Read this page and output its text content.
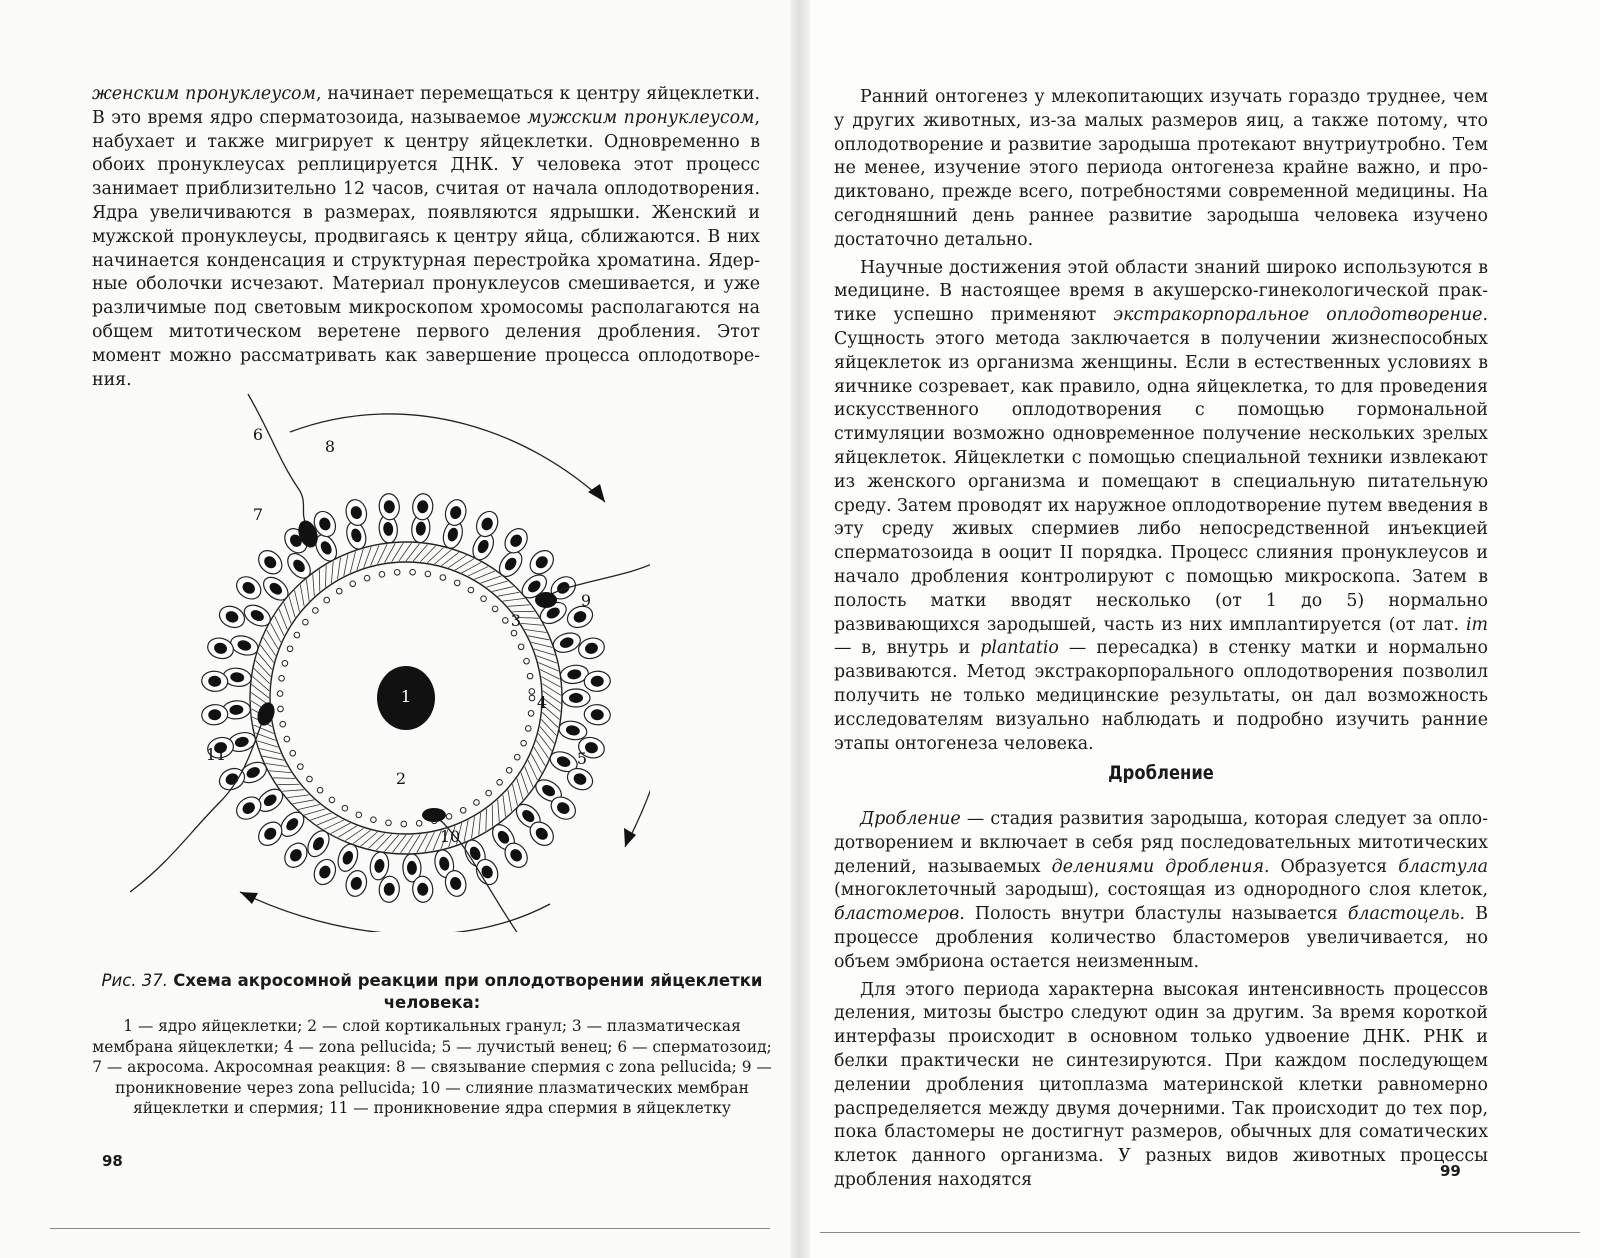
женским пронуклеусом, начинает перемещаться к центру яйцеклетки. В это время ядро сперматозоида, называемое мужским пронуклеусом, набухает и также мигрирует к центру яйцеклетки. Одновременно в обоих пронуклеусах реплицируется ДНК. У человека этот процесс занимает приблизительно 12 часов, считая от начала оплодотворения. Ядра увеличиваются в размерах, появляются ядрышки. Женский и мужской пронуклеусы, продвигаясь к центру яйца, сближаются. В них начинается конденсация и структурная перестройка хроматина. Ядерные оболочки исчезают. Материал пронуклеусов смешивается, и уже различимые под световым микроскопом хромосомы располагаются на общем митотическом веретене первого деления дробления. Этот момент можно рассматривать как завершение процесса оплодотворения.

1
2
3
4
5
6
7
8
9
10
11
Рис. 37. Схема акросомной реакции при оплодотворении яйцеклетки человека:
1 — ядро яйцеклетки; 2 — слой кортикальных гранул; 3 — плазматическая мембрана яйцеклетки; 4 — zona pellucida; 5 — лучистый венец; 6 — сперматозоид; 7 — акросома. Акросомная реакция: 8 — связывание спермия с zona pellucida; 9 — проникновение через zona pellucida; 10 — слияние плазматических мембран яйцеклетки и спермия; 11 — проникновение ядра спермия в яйцеклетку
98

Ранний онтогенез у млекопитающих изучать гораздо труднее, чем у других животных, из-за малых размеров яиц, а также потому, что оплодотворение и развитие зародыша протекают внутриутробно. Тем не менее, изучение этого периода онтогенеза крайне важно, и продиктовано, прежде всего, потребностями современной медицины. На сегодняшний день раннее развитие зародыша человека изучено достаточно детально.

Научные достижения этой области знаний широко используются в медицине. В настоящее время в акушерско-гинекологической практике успешно применяют экстракорпоральное оплодотворение. Сущность этого метода заключается в получении жизнеспособных яйцеклеток из организма женщины. Если в естественных условиях в яичнике созревает, как правило, одна яйцеклетка, то для проведения искусственного оплодотворения с помощью гормональной стимуляции возможно одновременное получение нескольких зрелых яйцеклеток. Яйцеклетки с помощью специальной техники извлекают из женского организма и помещают в специальную питательную среду. Затем проводят их наружное оплодотворение путем введения в эту среду живых спермиев либо непосредственной инъекцией сперматозоида в ооцит II порядка. Процесс слияния пронуклеусов и начало дробления контролируют с помощью микроскопа. Затем в полость матки вводят несколько (от 1 до 5) нормально развивающихся зародышей, часть из них имплanтируется (от лат. im — в, внутрь и plantatio — пересадка) в стенку матки и нормально развиваются. Метод экстракорпорального оплодотворения позволил получить не только медицинские результаты, он дал возможность исследователям визуально наблюдать и подробно изучить ранние этапы онтогенеза человека.

Дробление

Дробление — стадия развития зародыша, которая следует за оплодотворением и включает в себя ряд последовательных митотических делений, называемых делениями дробления. Образуется бластула (многоклеточный зародыш), состоящая из однородного слоя клеток, бластомеров. Полость внутри бластулы называется бластоцель. В процессе дробления количество бластомеров увеличивается, но объем эмбриона остается неизменным.

Для этого периода характерна высокая интенсивность процессов деления, митозы быстро следуют один за другим. За время короткой интерфазы происходит в основном только удвоение ДНК. РНК и белки практически не синтезируются. При каждом последующем делении дробления цитоплазма материнской клетки равномерно распределяется между двумя дочерними. Так происходит до тех пор, пока бластомеры не достигнут размеров, обычных для соматических клеток данного организма. У разных видов животных процессы дробления находятся	99
